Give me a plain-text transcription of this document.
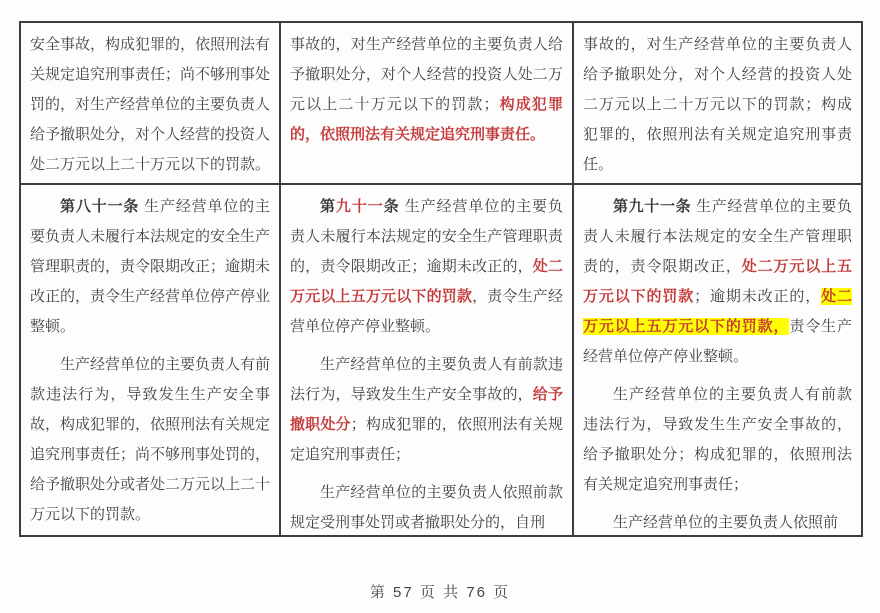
安全事故，构成犯罪的，依照刑法有关规定追究刑事责任；尚不够刑事处罚的，对生产经营单位的主要负责人给予撤职处分，对个人经营的投资人处二万元以上二十万元以下的罚款。

第八十一条 生产经营单位的主要负责人未履行本法规定的安全生产管理职责的，责令限期改正；逾期未改正的，责令生产经营单位停产停业整顿。

生产经营单位的主要负责人有前款违法行为，导致发生生产安全事故，构成犯罪的，依照刑法有关规定追究刑事责任；尚不够刑事处罚的，给予撤职处分或者处二万元以上二十万元以下的罚款。

事故的，对生产经营单位的主要负责人给予撤职处分，对个人经营的投资人处二万元以上二十万元以下的罚款；构成犯罪的，依照刑法有关规定追究刑事责任。

第九十一条 生产经营单位的主要负责人未履行本法规定的安全生产管理职责的，责令限期改正；逾期未改正的，处二万元以上五万元以下的罚款，责令生产经营单位停产停业整顿。

生产经营单位的主要负责人有前款违法行为，导致发生生产安全事故的，给予撤职处分；构成犯罪的，依照刑法有关规定追究刑事责任；

生产经营单位的主要负责人依照前款规定受刑事处罚或者撤职处分的，自刑

事故的，对生产经营单位的主要负责人给予撤职处分，对个人经营的投资人处二万元以上二十万元以下的罚款；构成犯罪的，依照刑法有关规定追究刑事责任。

第九十一条 生产经营单位的主要负责人未履行本法规定的安全生产管理职责的，责令限期改正，处二万元以上五万元以下的罚款；逾期未改正的，处二万元以上五万元以下的罚款，责令生产经营单位停产停业整顿。

生产经营单位的主要负责人有前款违法行为，导致发生生产安全事故的，给予撤职处分；构成犯罪的，依照刑法有关规定追究刑事责任；

生产经营单位的主要负责人依照前

第 57 页 共 76 页
